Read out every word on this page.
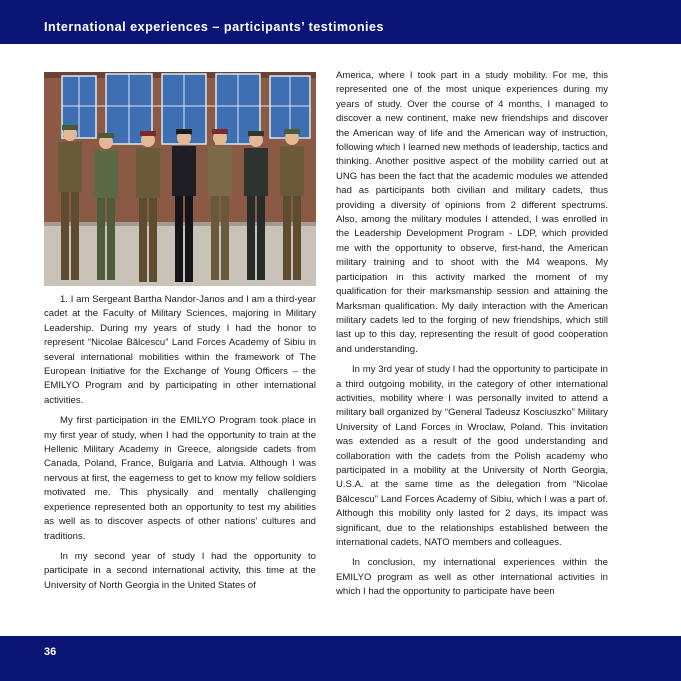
International experiences – participants’ testimonies

1. I am Sergeant Bartha Nandor-Janos and I am a third-year cadet at the Faculty of Military Sciences, majoring in Military Leadership. During my years of study I had the honor to represent “Nicolae Bălcescu” Land Forces Academy of Sibiu in several international mobilities within the framework of The European Initiative for the Exchange of Young Officers – the EMILYO Program and by participating in other international activities.

My first participation in the EMILYO Program took place in my first year of study, when I had the opportunity to train at the Hellenic Military Academy in Greece, alongside cadets from Canada, Poland, France, Bulgaria and Latvia. Although I was nervous at first, the eagerness to get to know my fellow soldiers motivated me. This physically and mentally challenging experience represented both an opportunity to test my abilities as well as to discover aspects of other nations’ cultures and traditions.

In my second year of study I had the opportunity to participate in a second international activity, this time at the University of North Georgia in the United States of

America, where I took part in a study mobility. For me, this represented one of the most unique experiences during my years of study. Over the course of 4 months, I managed to discover a new continent, make new friendships and discover the American way of life and the American way of instruction, following which I learned new methods of leadership, tactics and thinking. Another positive aspect of the mobility carried out at UNG has been the fact that the academic modules we attended had as participants both civilian and military cadets, thus providing a diversity of opinions from 2 different spectrums. Also, among the military modules I attended, I was enrolled in the Leadership Development Program - LDP, which provided me with the opportunity to observe, first-hand, the American military training and to shoot with the M4 weapons. My participation in this activity marked the moment of my qualification for their marksmanship session and attaining the Marksman qualification. My daily interaction with the American military cadets led to the forging of new friendships, which still last up to this day, representing the result of good cooperation and understanding.

In my 3rd year of study I had the opportunity to participate in a third outgoing mobility, in the category of other international activities, mobility where I was personally invited to attend a military ball organized by “General Tadeusz Kosciuszko” Military University of Land Forces in Wroclaw, Poland. This invitation was extended as a result of the good understanding and collaboration with the cadets from the Polish academy who participated in a mobility at the University of North Georgia, U.S.A. at the same time as the delegation from “Nicolae Bălcescu” Land Forces Academy of Sibiu, which I was a part of. Although this mobility only lasted for 2 days, its impact was significant, due to the relationships established between the international cadets, NATO members and colleagues.

In conclusion, my international experiences within the EMILYO program as well as other international activities in which I had the opportunity to participate have been

36
